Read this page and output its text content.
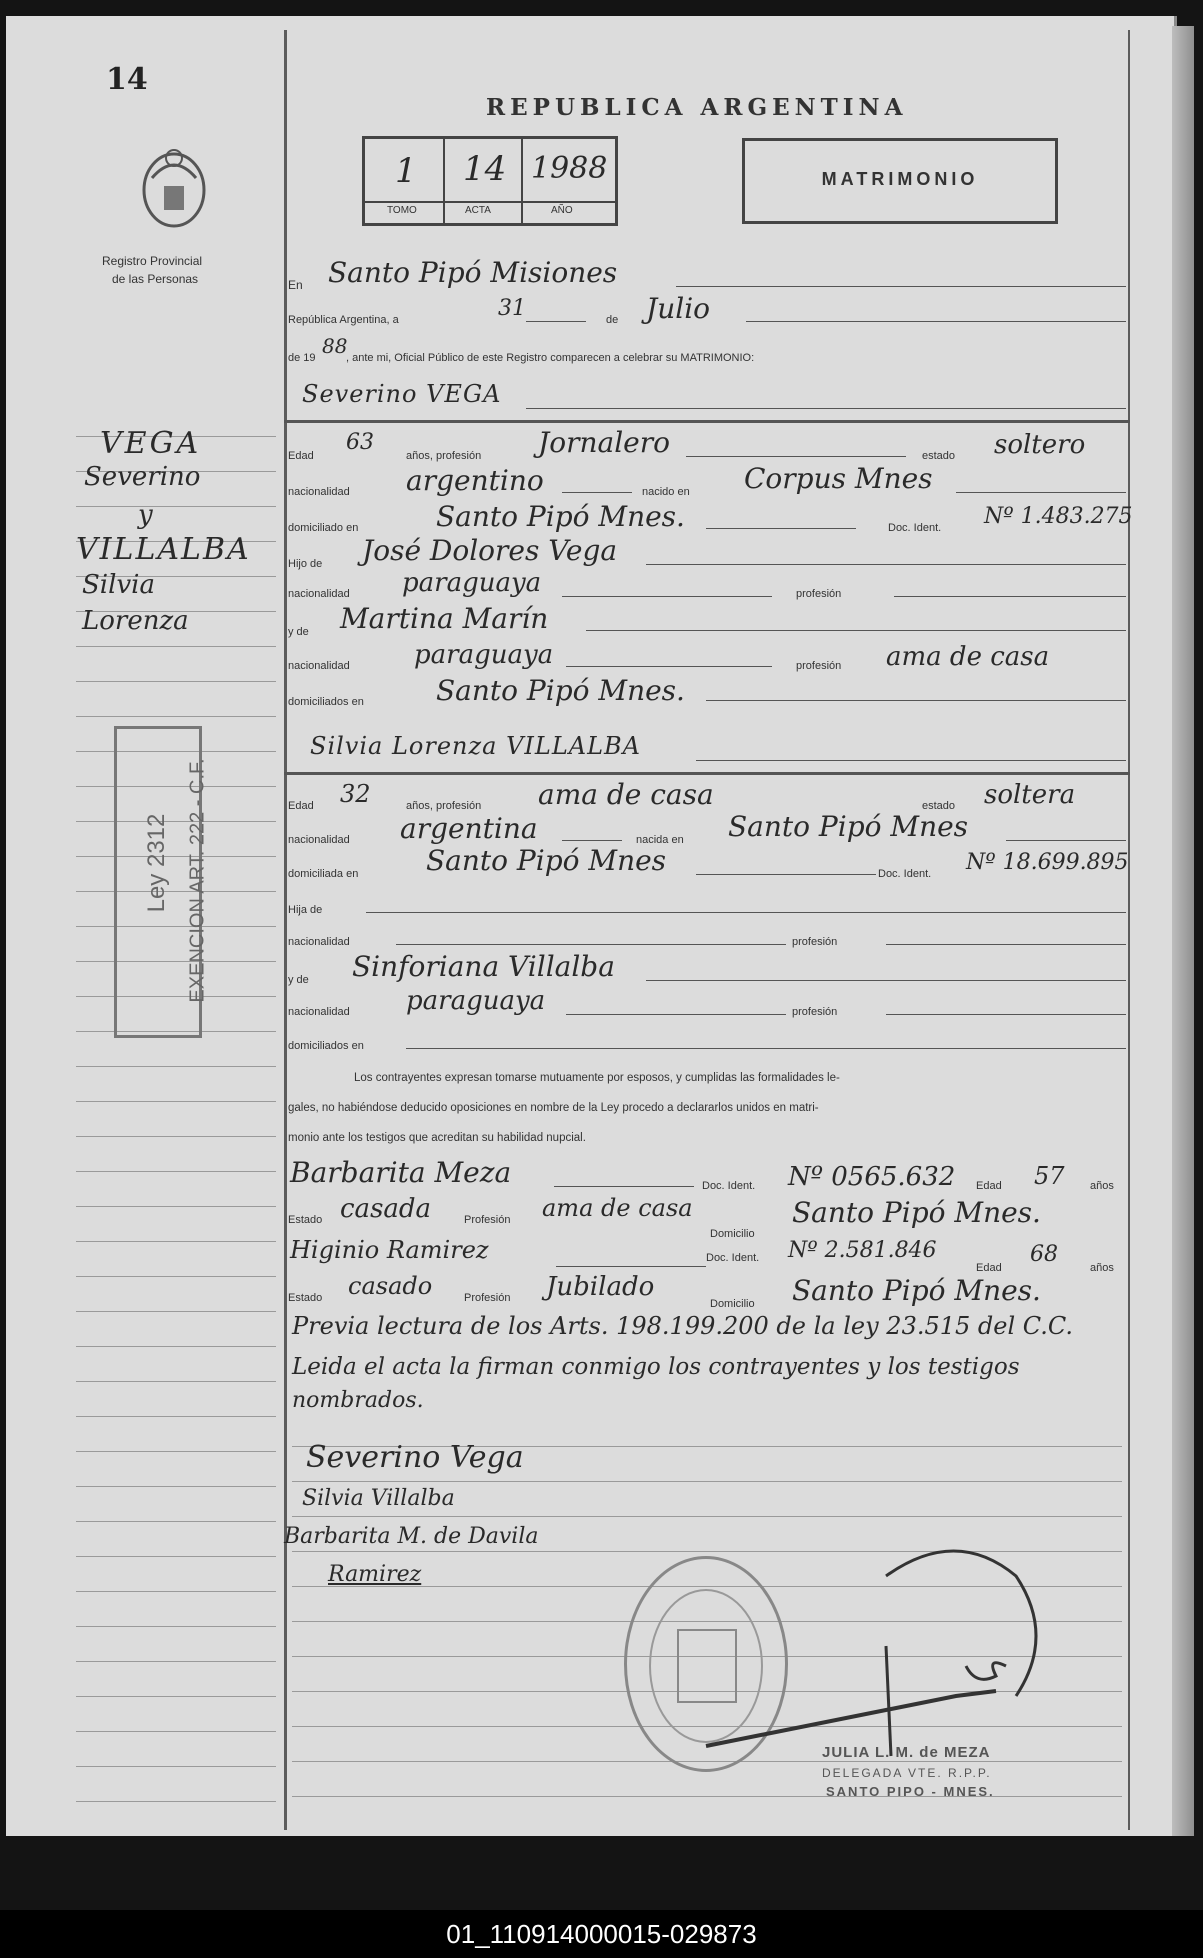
14
Registro Provincial
de las Personas
VEGA
Severino
y
VILLALBA
Silvia
Lorenza
Ley 2312 EXENCION ART. 222 - C.F.
REPUBLICA ARGENTINA
1 14 1988
TOMO	ACTA	AÑO
MATRIMONIO
En Santo Pipó Misiones
República Argentina, a	31	de Julio
de 19 88
, ante mi, Oficial Público de este Registro comparecen a celebrar su MATRIMONIO:
Severino VEGA
Edad
63
años, profesión Jornalero	estado soltero
nacionalidad argentino	nacido en Corpus Mnes
domiciliado en	Santo Pipó Mnes.	Doc. Ident. Nº 1.483.275
Hijo de José Dolores Vega
nacionalidad paraguaya	profesión
y de Martina Marín
nacionalidad paraguaya	profesión ama de casa
domiciliados en	Santo Pipó Mnes.
Silvia Lorenza VILLALBA
Edad 32	años, profesión ama de casa	estado soltera
nacionalidad argentina	nacida en Santo Pipó Mnes
domiciliada en Santo Pipó Mnes	Doc. Ident. Nº 18.699.895
Hija de
nacionalidad	profesión
y de Sinforiana Villalba
nacionalidad paraguaya	profesión
domiciliados en
Los contrayentes expresan tomarse mutuamente por esposos, y cumplidas las formalidades le-
gales, no habiéndose deducido oposiciones en nombre de la Ley procedo a declararlos unidos en matri-
monio ante los testigos que acreditan su habilidad nupcial.
Barbarita Meza	Doc. Ident. Nº 0565.632 Edad 57 años
Estado casada	Profesión ama de casa
Domicilio
Santo Pipó Mnes.
Higinio Ramirez	Doc. Ident. Nº 2.581.846
Edad
68
años
Estado casado	Profesión Jubilado
Domicilio Santo Pipó Mnes.
Previa lectura de los Arts. 198.199.200 de la ley 23.515 del C.C.
Leida el acta la firman conmigo los contrayentes y los testigos
nombrados.
Severino Vega
Silvia Villalba
Barbarita M. de Davila
Ramirez
JULIA L. M. de MEZA
DELEGADA VTE. R.P.P.
SANTO PIPO - MNES.
01_110914000015-029873
